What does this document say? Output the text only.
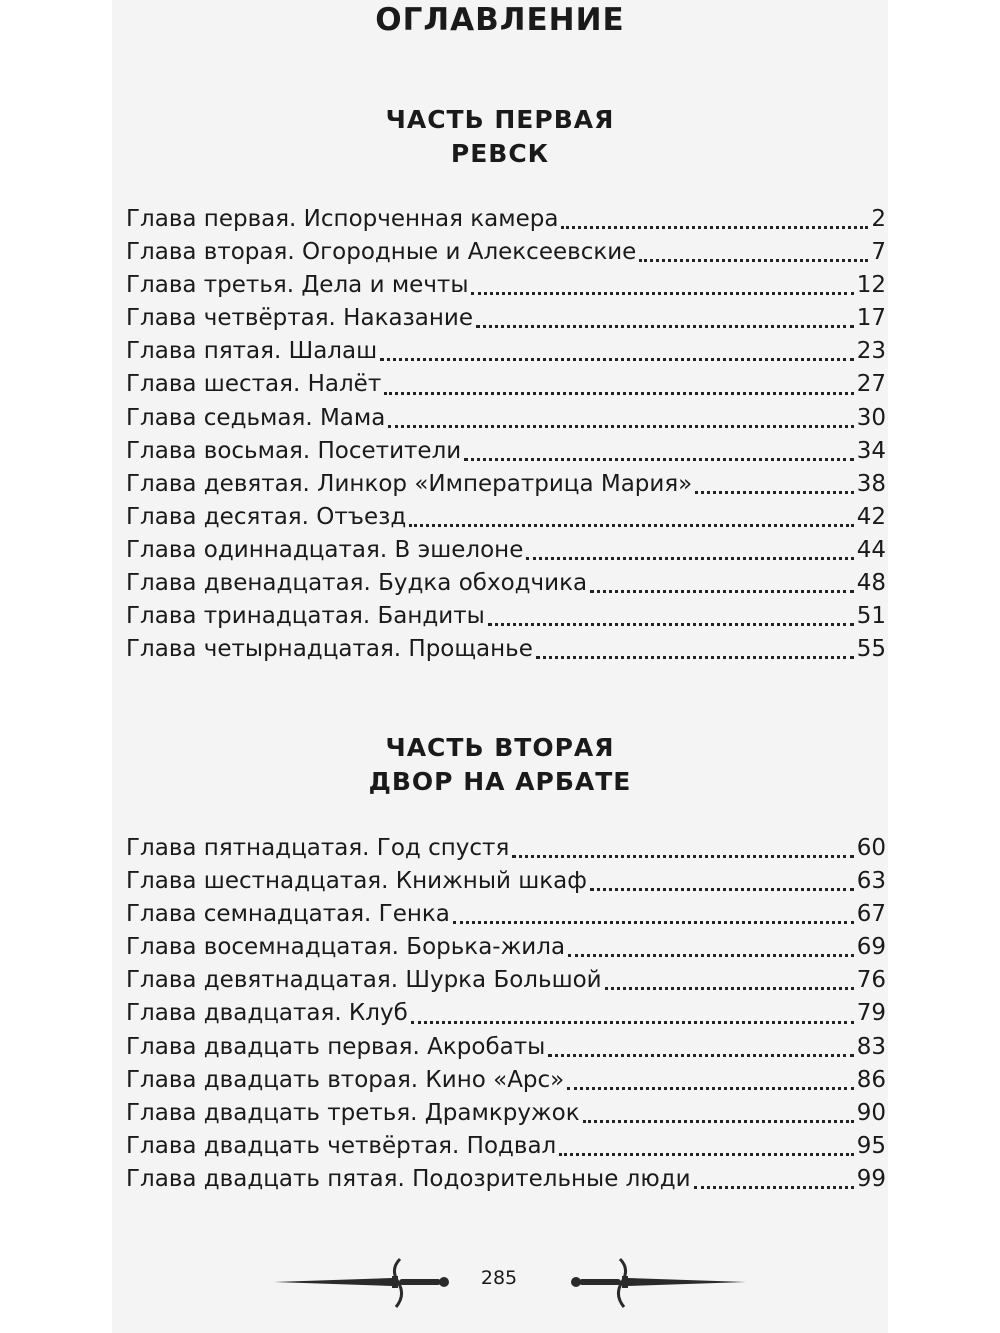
ОГЛАВЛЕНИЕ
ЧАСТЬ ПЕРВАЯ
РЕВСК
Глава первая. Испорченная камера	2
Глава вторая. Огородные и Алексеевские	7
Глава третья. Дела и мечты	12
Глава четвёртая. Наказание	17
Глава пятая. Шалаш	23
Глава шестая. Налёт	27
Глава седьмая. Мама	30
Глава восьмая. Посетители	34
Глава девятая. Линкор «Императрица Мария»	38
Глава десятая. Отъезд	42
Глава одиннадцатая. В эшелоне	44
Глава двенадцатая. Будка обходчика	48
Глава тринадцатая. Бандиты	51
Глава четырнадцатая. Прощанье	55
ЧАСТЬ ВТОРАЯ
ДВОР НА АРБАТЕ
Глава пятнадцатая. Год спустя	60
Глава шестнадцатая. Книжный шкаф	63
Глава семнадцатая. Генка	67
Глава восемнадцатая. Борька-жила	69
Глава девятнадцатая. Шурка Большой	76
Глава двадцатая. Клуб	79
Глава двадцать первая. Акробаты	83
Глава двадцать вторая. Кино «Арс»	86
Глава двадцать третья. Драмкружок	90
Глава двадцать четвёртая. Подвал	95
Глава двадцать пятая. Подозрительные люди	99
285
